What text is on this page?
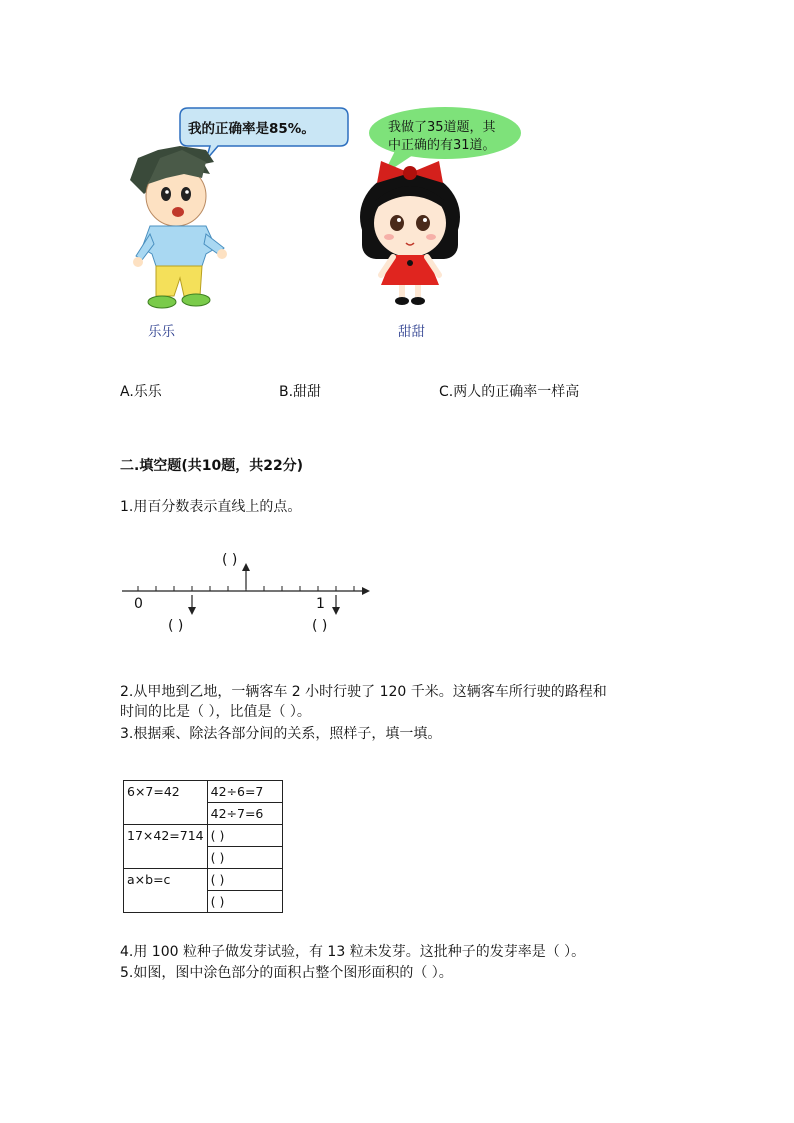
我的正确率是85%。
乐乐
我做了35道题，其
中正确的有31道。
甜甜
A.乐乐	B.甜甜	C.两人的正确率一样高
二.填空题(共10题，共22分)
1.用百分数表示直线上的点。
0	1
( )
( )	( )
2.从甲地到乙地，一辆客车 2 小时行驶了 120 千米。这辆客车所行驶的路程和
时间的比是（ ），比值是（ ）。
3.根据乘、除法各部分间的关系，照样子，填一填。
6×7=42	42÷6=7
	42÷7=6
17×42=714	( )
	( )
a×b=c	( )
	( )
4.用 100 粒种子做发芽试验，有 13 粒未发芽。这批种子的发芽率是（ ）。
5.如图，图中涂色部分的面积占整个图形面积的（ ）。
